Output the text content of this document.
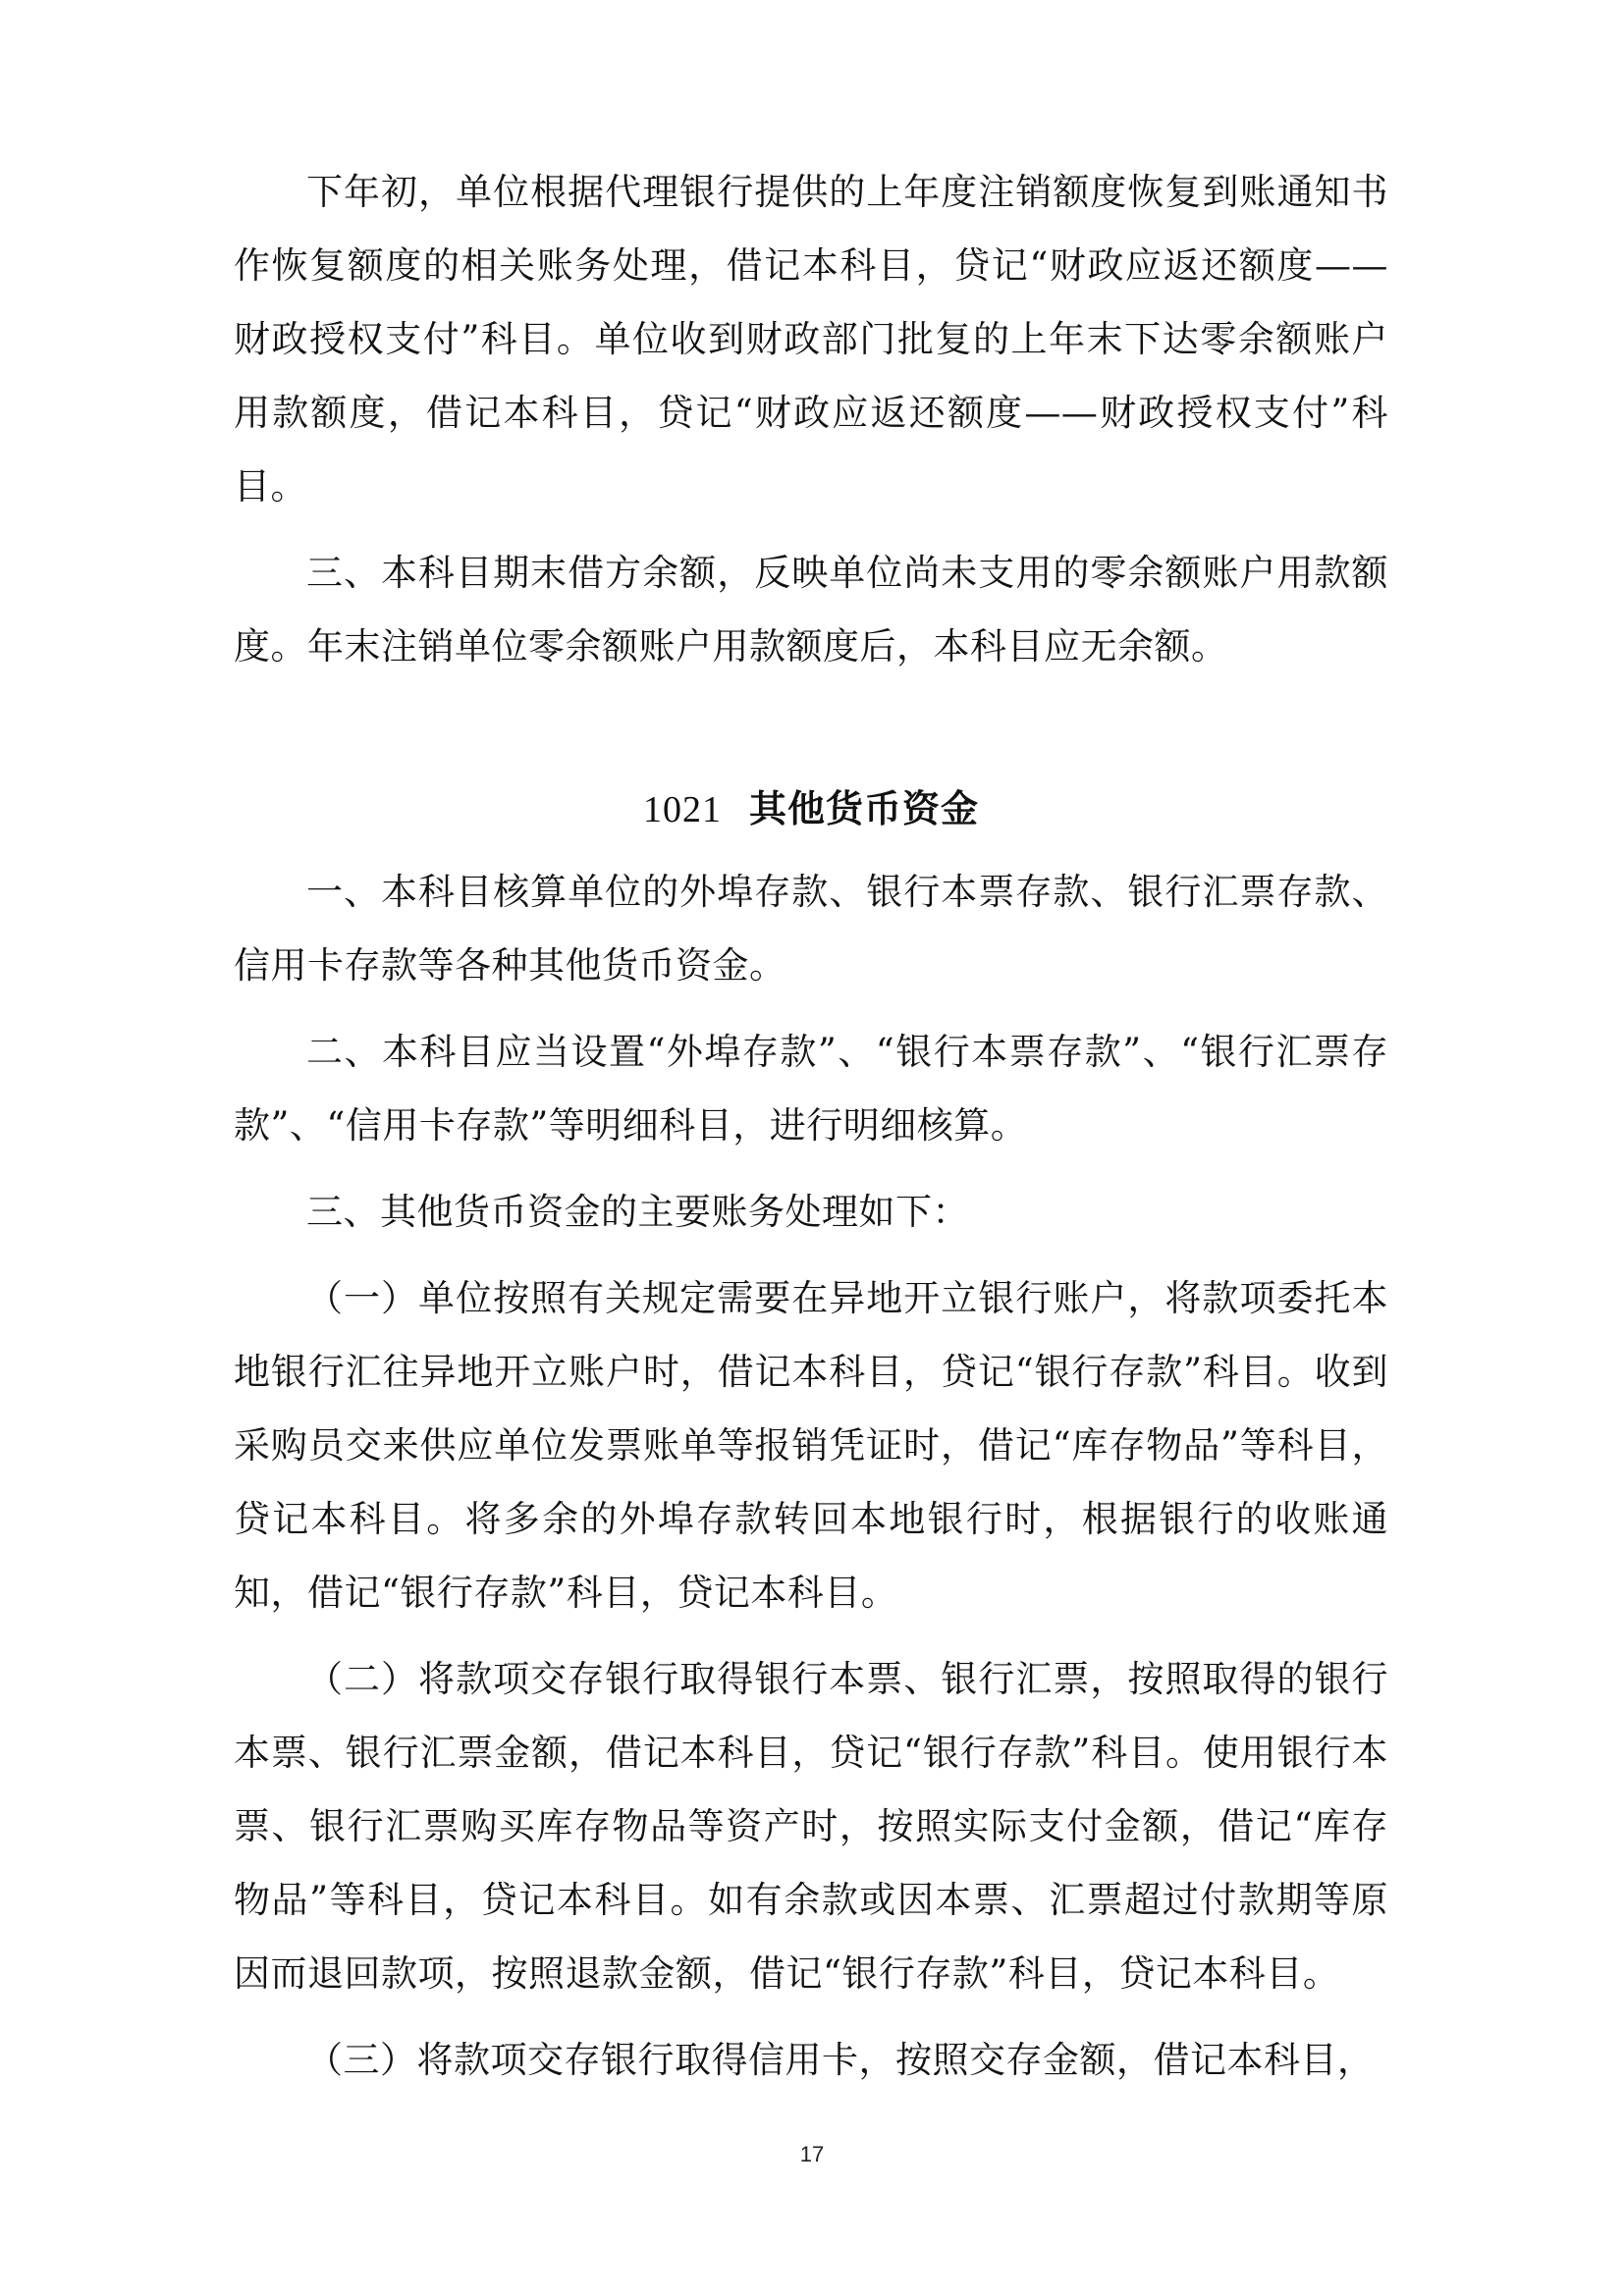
下年初，单位根据代理银行提供的上年度注销额度恢复到账通知书作恢复额度的相关账务处理，借记本科目，贷记“财政应返还额度——财政授权支付”科目。单位收到财政部门批复的上年末下达零余额账户用款额度，借记本科目，贷记“财政应返还额度——财政授权支付”科目。

三、本科目期末借方余额，反映单位尚未支用的零余额账户用款额度。年末注销单位零余额账户用款额度后，本科目应无余额。

1021 其他货币资金

一、本科目核算单位的外埠存款、银行本票存款、银行汇票存款、信用卡存款等各种其他货币资金。

二、本科目应当设置“外埠存款”、“银行本票存款”、“银行汇票存款”、“信用卡存款”等明细科目，进行明细核算。

三、其他货币资金的主要账务处理如下：

（一）单位按照有关规定需要在异地开立银行账户，将款项委托本地银行汇往异地开立账户时，借记本科目，贷记“银行存款”科目。收到采购员交来供应单位发票账单等报销凭证时，借记“库存物品”等科目，贷记本科目。将多余的外埠存款转回本地银行时，根据银行的收账通知，借记“银行存款”科目，贷记本科目。

（二）将款项交存银行取得银行本票、银行汇票，按照取得的银行本票、银行汇票金额，借记本科目，贷记“银行存款”科目。使用银行本票、银行汇票购买库存物品等资产时，按照实际支付金额，借记“库存物品”等科目，贷记本科目。如有余款或因本票、汇票超过付款期等原因而退回款项，按照退款金额，借记“银行存款”科目，贷记本科目。

（三）将款项交存银行取得信用卡，按照交存金额，借记本科目，

17
